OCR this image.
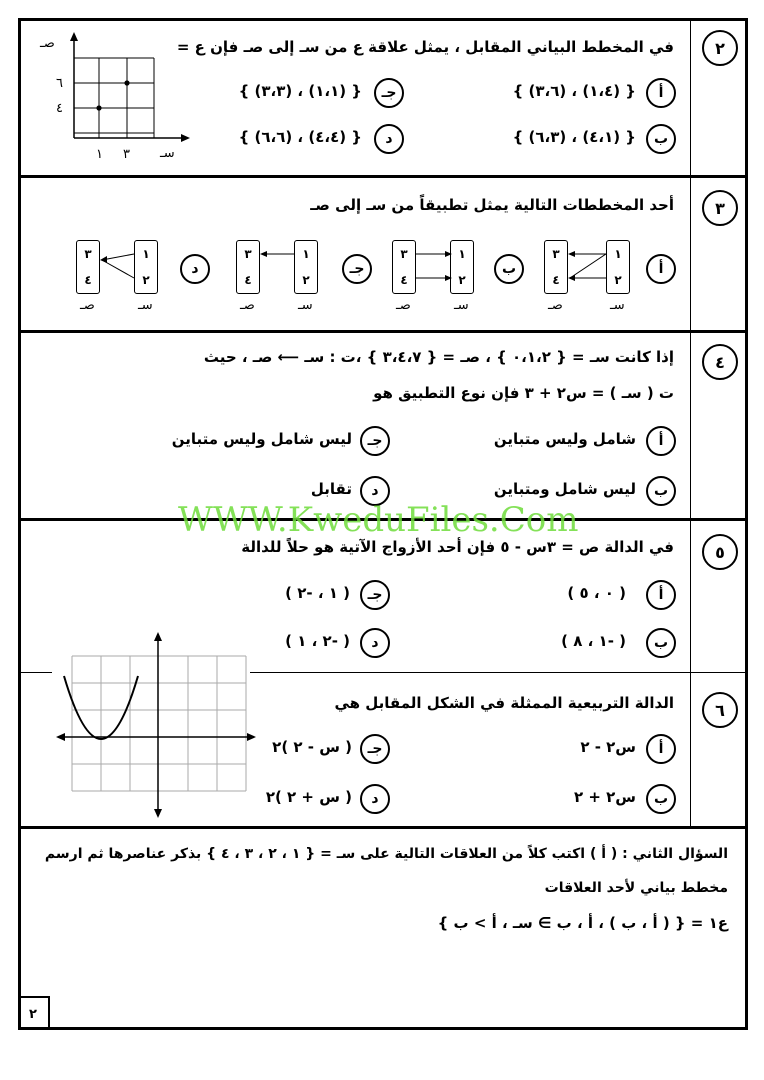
٢
في المخطط البياني المقابل ، يمثل علاقة ع من سـ إلى صـ فإن ع =
أ
{ (١،٤) ، (٣،٦) }
ب
{ (٤،١) ، (٦،٣) }
جـ
{ (١،١) ، (٣،٣) }
د
{ (٤،٤) ، (٦،٦) }
صـ
سـ
٦
٤
١ ٣
٣
أحد المخططات التالية يمثل تطبيقاً من سـ إلى صـ
أ
١
٢
٣
٤
سـ
صـ
ب
١
٢
٣
٤
سـ
صـ
جـ
١
٢
٣
٤
سـ
صـ
د
١
٢
٣
٤
سـ
صـ
٤
إذا كانت سـ = { ٠،١،٢ } ، صـ = { ٣،٤،٧ } ،ت : سـ ⟵ صـ ، حيث
ت ( سـ ) = س٢ + ٣ فإن نوع التطبيق هو
أ
شامل وليس متباين
ب
ليس شامل ومتباين
جـ
ليس شامل وليس متباين
د
تقابل
٥
في الدالة ص = ٣س - ٥ فإن أحد الأزواج الآتية هو حلاً للدالة
WWW.KweduFiles.Com
أ
( ٠ ، ٥ )
ب
( -١ ، ٨ )
جـ
( ١ ، -٢ )
د
( -٢ ، ١ )
٦
الدالة التربيعية الممثلة في الشكل المقابل هي
أ
س٢ - ٢
ب
س٢ + ٢
جـ
( س - ٢ )٢
د
( س + ٢ )٢
السؤال الثاني : ( أ ) اكتب كلاً من العلاقات التالية على سـ = { ١ ، ٢ ، ٣ ، ٤ } بذكر عناصرها ثم ارسم
مخطط بياني لأحد العلاقات
ع١ = { ( أ ، ب ) ، أ ، ب ∋ سـ ، أ > ب }
٢
